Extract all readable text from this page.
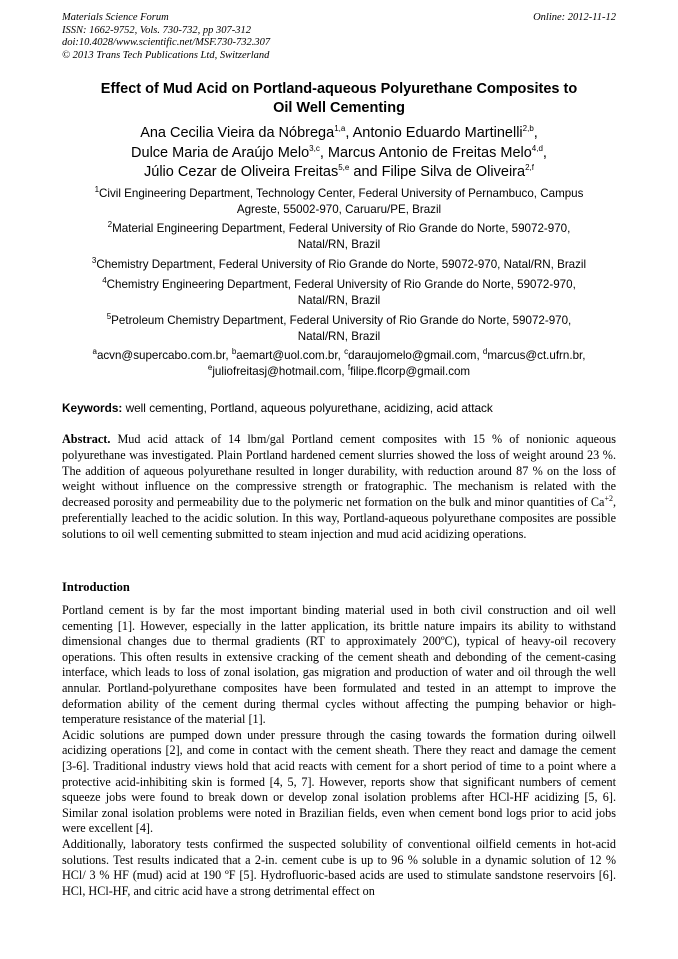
Materials Science Forum
ISSN: 1662-9752, Vols. 730-732, pp 307-312
doi:10.4028/www.scientific.net/MSF.730-732.307
© 2013 Trans Tech Publications Ltd, Switzerland
Online: 2012-11-12
Effect of Mud Acid on Portland-aqueous Polyurethane Composites to
Oil Well Cementing
Ana Cecilia Vieira da Nóbrega$^{1,a}$, Antonio Eduardo Martinelli$^{2,b}$,
Dulce Maria de Araújo Melo$^{3,c}$, Marcus Antonio de Freitas Melo$^{4,d}$,
Júlio Cezar de Oliveira Freitas$^{5,e}$ and Filipe Silva de Oliveira$^{2,f}$
$^1$Civil Engineering Department, Technology Center, Federal University of Pernambuco, Campus
Agreste, 55002-970, Caruaru/PE, Brazil
$^2$Material Engineering Department, Federal University of Rio Grande do Norte, 59072-970,
Natal/RN, Brazil
$^3$Chemistry Department, Federal University of Rio Grande do Norte, 59072-970, Natal/RN, Brazil
$^4$Chemistry Engineering Department, Federal University of Rio Grande do Norte, 59072-970,
Natal/RN, Brazil
$^5$Petroleum Chemistry Department, Federal University of Rio Grande do Norte, 59072-970,
Natal/RN, Brazil
$^a$acvn@supercabo.com.br, $^b$aemart@uol.com.br, $^c$daraujomelo@gmail.com, $^d$marcus@ct.ufrn.br,
$^e$juliofreitasj@hotmail.com, $^f$filipe.flcorp@gmail.com
Keywords: well cementing, Portland, aqueous polyurethane, acidizing, acid attack
Abstract. Mud acid attack of 14 lbm/gal Portland cement composites with 15 % of nonionic aqueous polyurethane was investigated. Plain Portland hardened cement slurries showed the loss of weight around 23 %. The addition of aqueous polyurethane resulted in longer durability, with reduction around 87 % on the loss of weight without influence on the compressive strength or fratographic. The mechanism is related with the decreased porosity and permeability due to the polymeric net formation on the bulk and minor quantities of $Ca^{+2}$, preferentially leached to the acidic solution. In this way, Portland-aqueous polyurethane composites are possible solutions to oil well cementing submitted to steam injection and mud acid acidizing operations.
Introduction

Portland cement is by far the most important binding material used in both civil construction and oil well cementing [1]. However, especially in the latter application, its brittle nature impairs its ability to withstand dimensional changes due to thermal gradients (RT to approximately 200ºC), typical of heavy-oil recovery operations. This often results in extensive cracking of the cement sheath and debonding of the cement-casing interface, which leads to loss of zonal isolation, gas migration and production of water and oil through the well annular. Portland-polyurethane composites have been formulated and tested in an attempt to improve the deformation ability of the cement during thermal cycles without affecting the pumping behavior or high-temperature resistance of the material [1].

Acidic solutions are pumped down under pressure through the casing towards the formation during oilwell acidizing operations [2], and come in contact with the cement sheath. There they react and damage the cement [3-6]. Traditional industry views hold that acid reacts with cement for a short period of time to a point where a protective acid-inhibiting skin is formed [4, 5, 7]. However, reports show that significant numbers of cement squeeze jobs were found to break down or develop zonal isolation problems after HCl-HF acidizing [5, 6]. Similar zonal isolation problems were noted in Brazilian fields, even when cement bond logs prior to acid jobs were excellent [4].

Additionally, laboratory tests confirmed the suspected solubility of conventional oilfield cements in hot-acid solutions. Test results indicated that a 2-in. cement cube is up to 96 % soluble in a dynamic solution of 12 % HCl/ 3 % HF (mud) acid at 190 ºF [5]. Hydrofluoric-based acids are used to stimulate sandstone reservoirs [6]. HCl, HCl-HF, and citric acid have a strong detrimental effect on
